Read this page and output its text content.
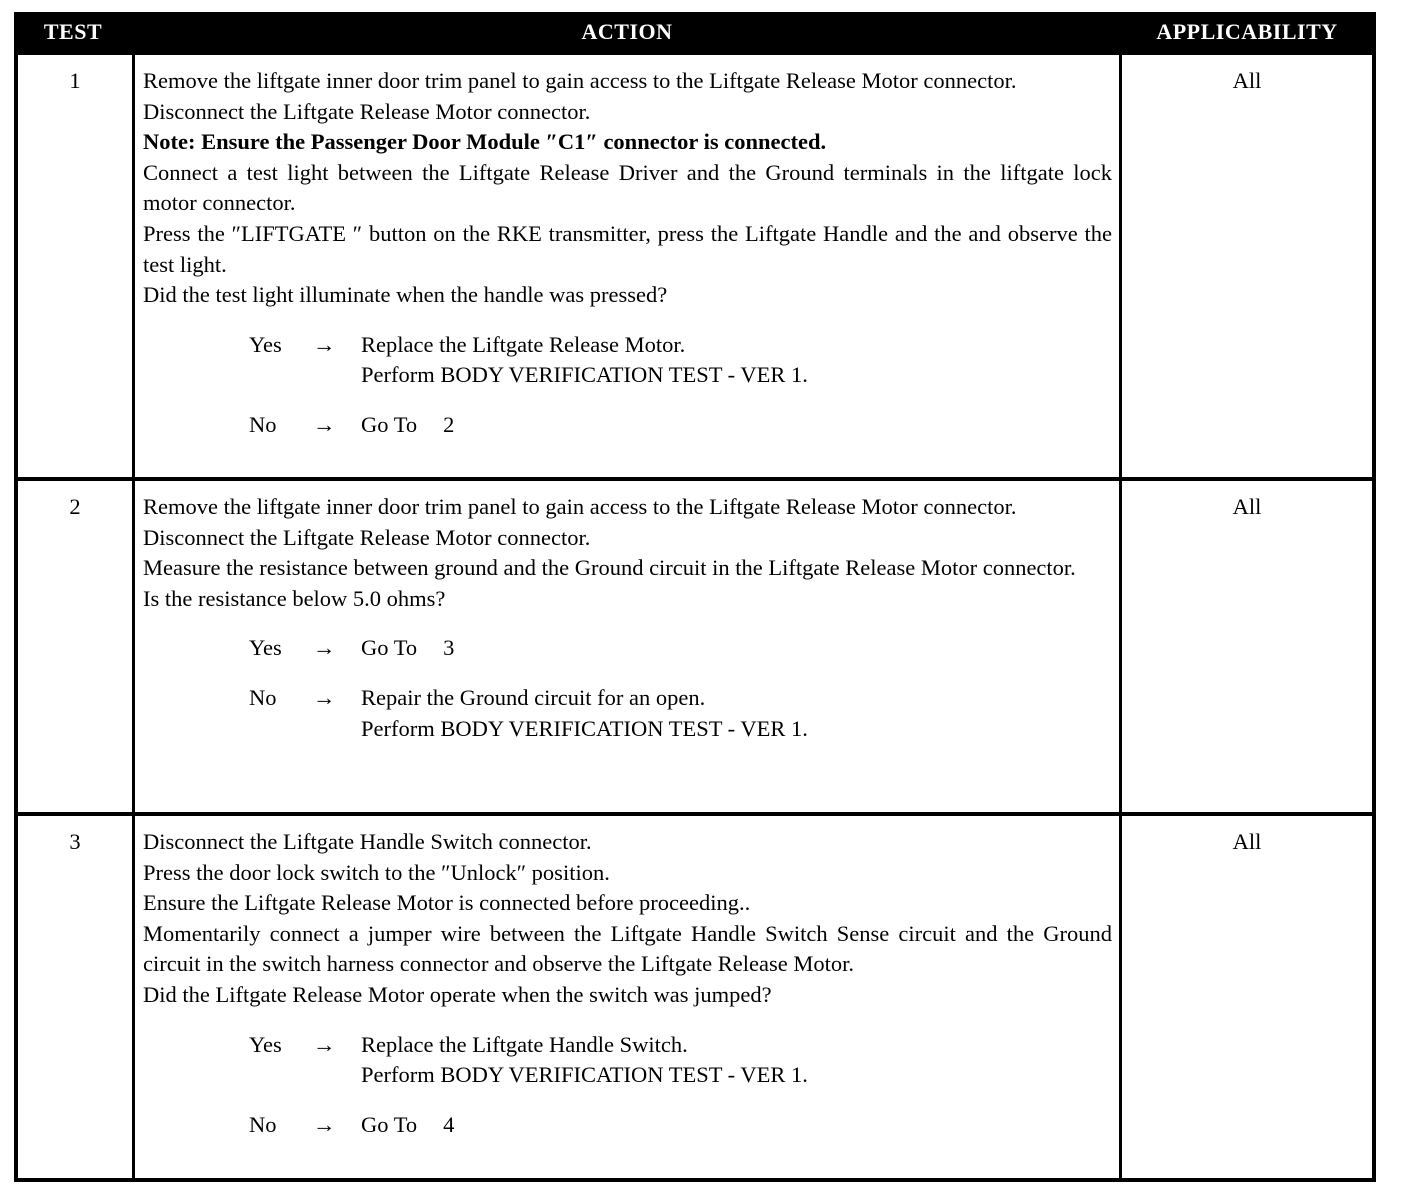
TEST	ACTION	APPLICABILITY
1	Remove the liftgate inner door trim panel to gain access to the Liftgate Release Motor connector.

Disconnect the Liftgate Release Motor connector.

Note: Ensure the Passenger Door Module ″C1″ connector is connected.

Connect a test light between the Liftgate Release Driver and the Ground terminals in the liftgate lock motor connector.

Press the ″LIFTGATE ″ button on the RKE transmitter, press the Liftgate Handle and the and observe the test light.

Did the test light illuminate when the handle was pressed?

Yes → Replace the Liftgate Release Motor.
Perform BODY VERIFICATION TEST - VER 1.
No → Go To 2
All
2	Remove the liftgate inner door trim panel to gain access to the Liftgate Release Motor connector.

Disconnect the Liftgate Release Motor connector.

Measure the resistance between ground and the Ground circuit in the Liftgate Release Motor connector.

Is the resistance below 5.0 ohms?

Yes → Go To 3
No → Repair the Ground circuit for an open.
Perform BODY VERIFICATION TEST - VER 1.
All
3	Disconnect the Liftgate Handle Switch connector.

Press the door lock switch to the ″Unlock″ position.

Ensure the Liftgate Release Motor is connected before proceeding..

Momentarily connect a jumper wire between the Liftgate Handle Switch Sense circuit and the Ground circuit in the switch harness connector and observe the Liftgate Release Motor.

Did the Liftgate Release Motor operate when the switch was jumped?

Yes → Replace the Liftgate Handle Switch.
Perform BODY VERIFICATION TEST - VER 1.
No → Go To 4
All
